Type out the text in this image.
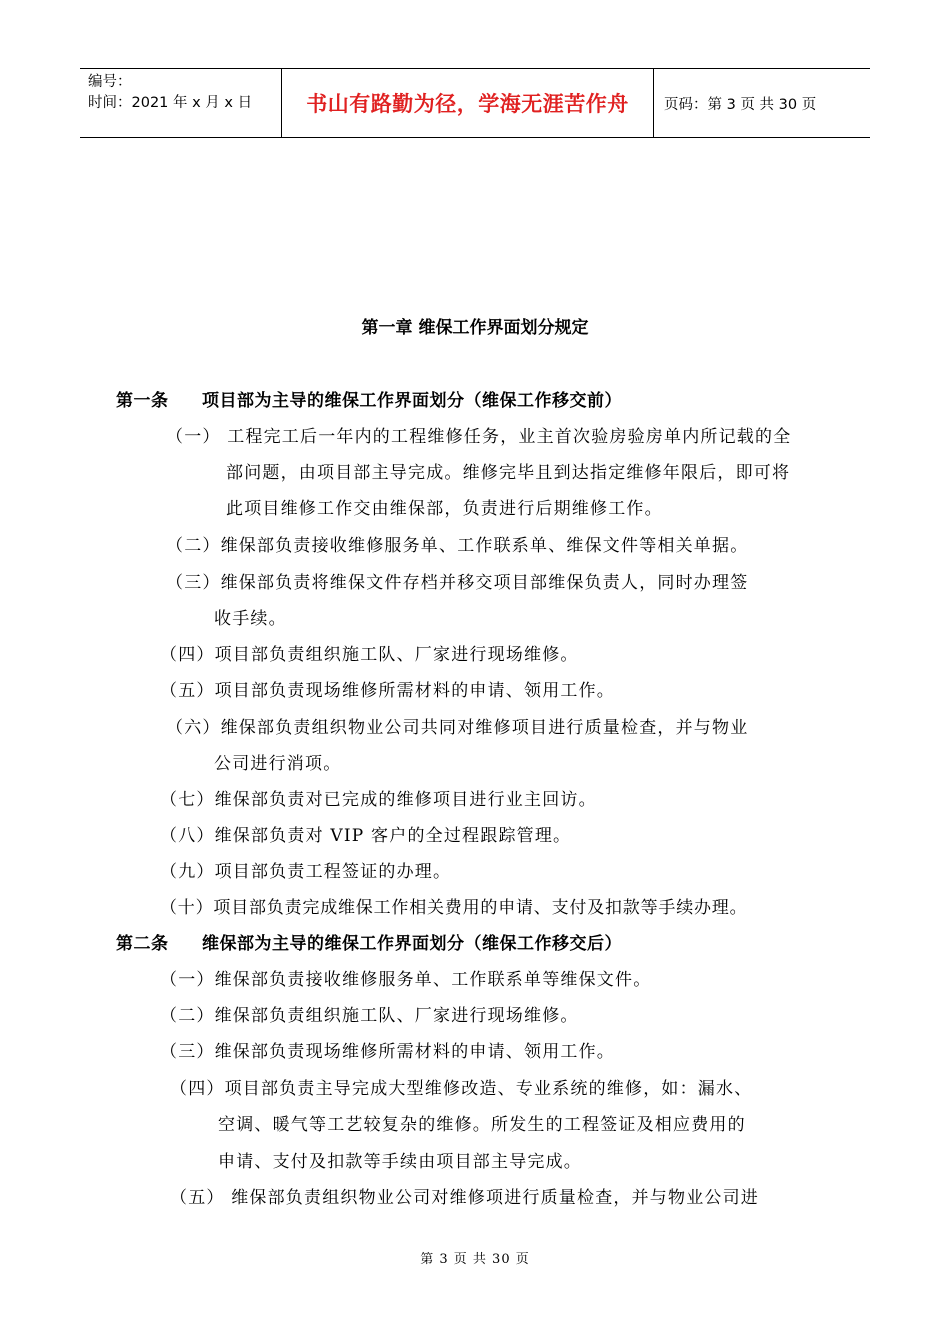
编号：
时间：2021 年 x 月 x 日	书山有路勤为径，学海无涯苦作舟 页码：第 3 页 共 30 页
第一章 维保工作界面划分规定
第一条 项目部为主导的维保工作界面划分（维保工作移交前）
（一） 工程完工后一年内的工程维修任务，业主首次验房验房单内所记载的全
部问题，由项目部主导完成。维修完毕且到达指定维修年限后，即可将
此项目维修工作交由维保部，负责进行后期维修工作。
（二）维保部负责接收维修服务单、工作联系单、维保文件等相关单据。
（三）维保部负责将维保文件存档并移交项目部维保负责人，同时办理签
收手续。
（四）项目部负责组织施工队、厂家进行现场维修。
（五）项目部负责现场维修所需材料的申请、领用工作。
（六）维保部负责组织物业公司共同对维修项目进行质量检查，并与物业
公司进行消项。
（七）维保部负责对已完成的维修项目进行业主回访。
（八）维保部负责对 VIP 客户的全过程跟踪管理。
（九）项目部负责工程签证的办理。
（十）项目部负责完成维保工作相关费用的申请、支付及扣款等手续办理。
第二条 维保部为主导的维保工作界面划分（维保工作移交后）
（一）维保部负责接收维修服务单、工作联系单等维保文件。
（二）维保部负责组织施工队、厂家进行现场维修。
（三）维保部负责现场维修所需材料的申请、领用工作。
（四）项目部负责主导完成大型维修改造、专业系统的维修，如：漏水、
空调、暖气等工艺较复杂的维修。所发生的工程签证及相应费用的
申请、支付及扣款等手续由项目部主导完成。
（五） 维保部负责组织物业公司对维修项进行质量检查，并与物业公司进
第 3 页 共 30 页
